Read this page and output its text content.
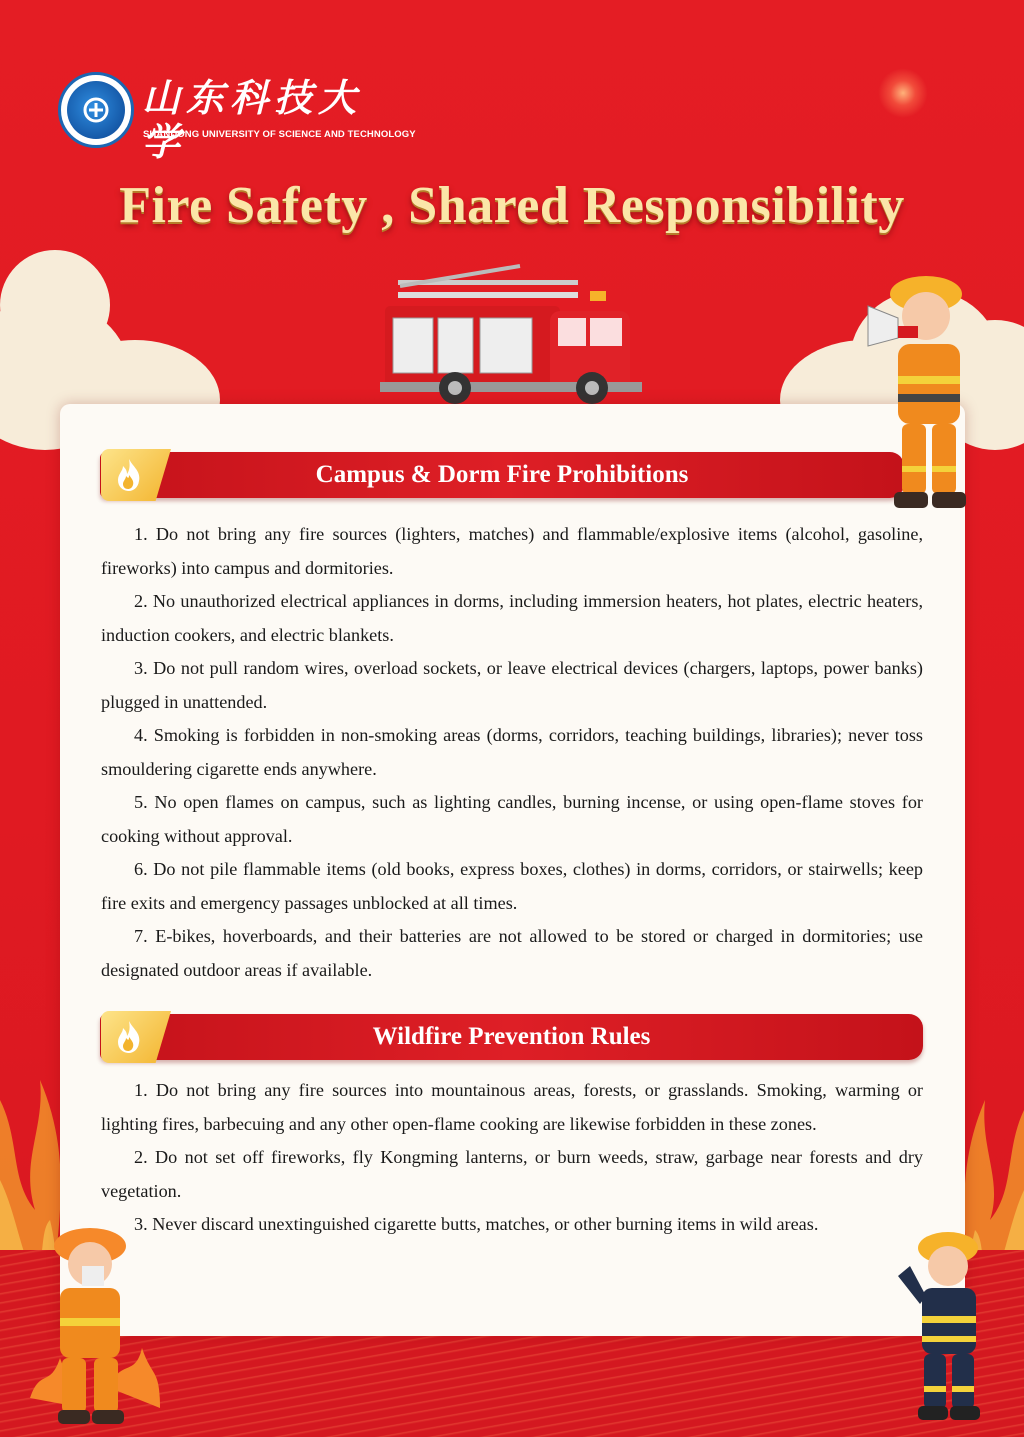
山东科技大学
SHANDONG UNIVERSITY OF SCIENCE AND TECHNOLOGY
Fire Safety , Shared Responsibility
Campus & Dorm Fire Prohibitions

1. Do not bring any fire sources (lighters, matches) and flammable/explosive items (alcohol, gasoline, fireworks) into campus and dormitories.

2. No unauthorized electrical appliances in dorms, including immersion heaters, hot plates, electric heaters, induction cookers, and electric blankets.

3. Do not pull random wires, overload sockets, or leave electrical devices (chargers, laptops, power banks) plugged in unattended.

4. Smoking is forbidden in non-smoking areas (dorms, corridors, teaching buildings, libraries); never toss smouldering cigarette ends anywhere.

5. No open flames on campus, such as lighting candles, burning incense, or using open-flame stoves for cooking without approval.

6. Do not pile flammable items (old books, express boxes, clothes) in dorms, corridors, or stairwells; keep fire exits and emergency passages unblocked at all times.

7. E-bikes, hoverboards, and their batteries are not allowed to be stored or charged in dormitories; use designated outdoor areas if available.

Wildfire Prevention Rules

1. Do not bring any fire sources into mountainous areas, forests, or grasslands. Smoking, warming or lighting fires, barbecuing and any other open-flame cooking are likewise forbidden in these zones.

2. Do not set off fireworks, fly Kongming lanterns, or burn weeds, straw, garbage near forests and dry vegetation.

3. Never discard unextinguished cigarette butts, matches, or other burning items in wild areas.
